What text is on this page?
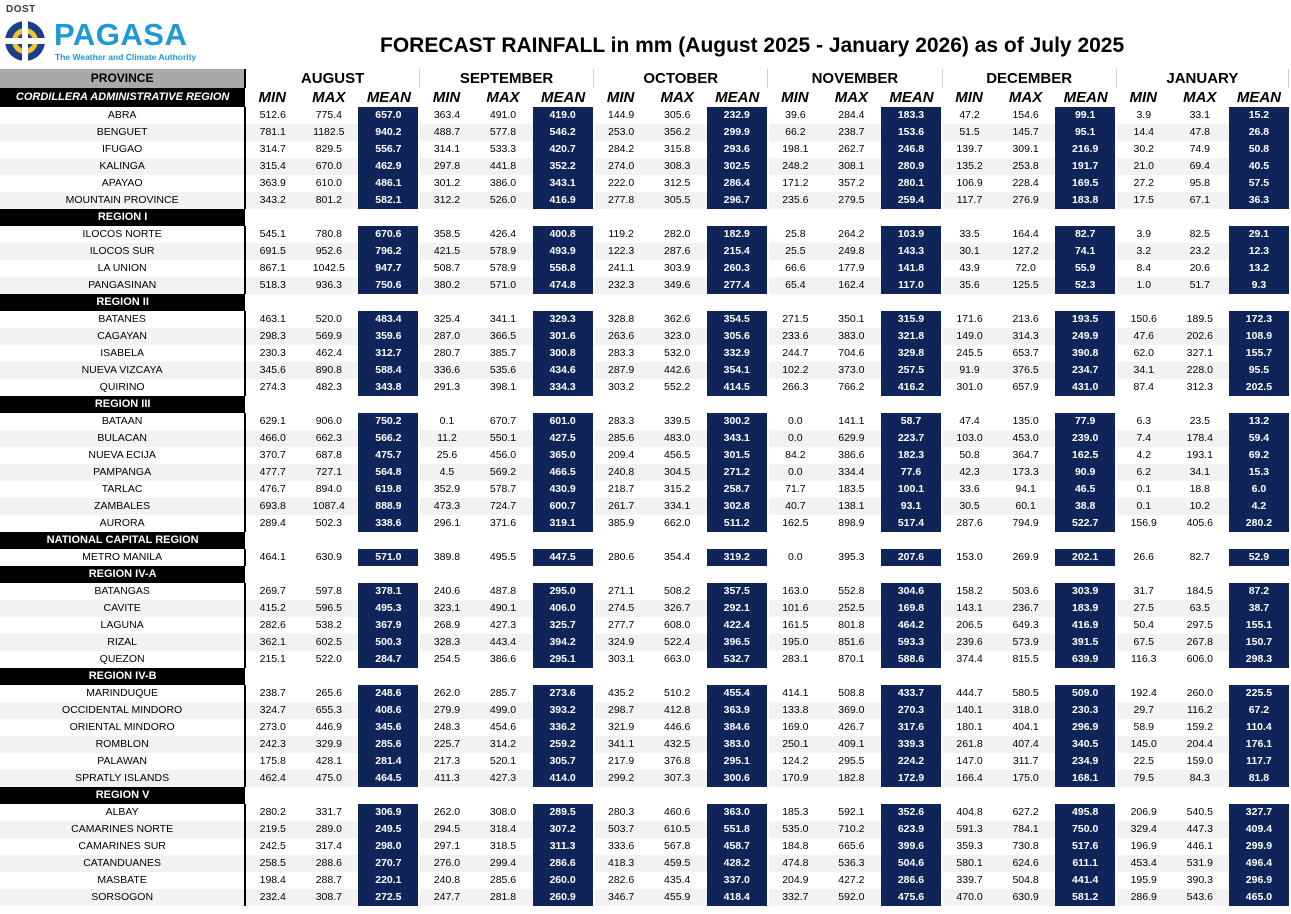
DOST
PAGASA
The Weather and Climate Authority	FORECAST RAINFALL in mm (August 2025 - January 2026) as of July 2025
PROVINCE	AUGUST			SEPTEMBER			OCTOBER			NOVEMBER			DECEMBER			JANUARY		
CORDILLERA ADMINISTRATIVE REGION	MIN	MAX	MEAN	MIN	MAX	MEAN	MIN	MAX	MEAN	MIN	MAX	MEAN	MIN	MAX	MEAN	MIN	MAX	MEAN
ABRA	512.6	775.4	657.0	363.4	491.0	419.0	144.9	305.6	232.9	39.6	284.4	183.3	47.2	154.6	99.1	3.9	33.1	15.2
BENGUET	781.1	1182.5	940.2	488.7	577.8	546.2	253.0	356.2	299.9	66.2	238.7	153.6	51.5	145.7	95.1	14.4	47.8	26.8
IFUGAO	314.7	829.5	556.7	314.1	533.3	420.7	284.2	315.8	293.6	198.1	262.7	246.8	139.7	309.1	216.9	30.2	74.9	50.8
KALINGA	315.4	670.0	462.9	297.8	441.8	352.2	274.0	308.3	302.5	248.2	308.1	280.9	135.2	253.8	191.7	21.0	69.4	40.5
APAYAO	363.9	610.0	486.1	301.2	386.0	343.1	222.0	312.5	286.4	171.2	357.2	280.1	106.9	228.4	169.5	27.2	95.8	57.5
MOUNTAIN PROVINCE	343.2	801.2	582.1	312.2	526.0	416.9	277.8	305.5	296.7	235.6	279.5	259.4	117.7	276.9	183.8	17.5	67.1	36.3
REGION I																		
ILOCOS NORTE	545.1	780.8	670.6	358.5	426.4	400.8	119.2	282.0	182.9	25.8	264.2	103.9	33.5	164.4	82.7	3.9	82.5	29.1
ILOCOS SUR	691.5	952.6	796.2	421.5	578.9	493.9	122.3	287.6	215.4	25.5	249.8	143.3	30.1	127.2	74.1	3.2	23.2	12.3
LA UNION	867.1	1042.5	947.7	508.7	578.9	558.8	241.1	303.9	260.3	66.6	177.9	141.8	43.9	72.0	55.9	8.4	20.6	13.2
PANGASINAN	518.3	936.3	750.6	380.2	571.0	474.8	232.3	349.6	277.4	65.4	162.4	117.0	35.6	125.5	52.3	1.0	51.7	9.3
REGION II																		
BATANES	463.1	520.0	483.4	325.4	341.1	329.3	328.8	362.6	354.5	271.5	350.1	315.9	171.6	213.6	193.5	150.6	189.5	172.3
CAGAYAN	298.3	569.9	359.6	287.0	366.5	301.6	263.6	323.0	305.6	233.6	383.0	321.8	149.0	314.3	249.9	47.6	202.6	108.9
ISABELA	230.3	462.4	312.7	280.7	385.7	300.8	283.3	532.0	332.9	244.7	704.6	329.8	245.5	653.7	390.8	62.0	327.1	155.7
NUEVA VIZCAYA	345.6	890.8	588.4	336.6	535.6	434.6	287.9	442.6	354.1	102.2	373.0	257.5	91.9	376.5	234.7	34.1	228.0	95.5
QUIRINO	274.3	482.3	343.8	291.3	398.1	334.3	303.2	552.2	414.5	266.3	766.2	416.2	301.0	657.9	431.0	87.4	312.3	202.5
REGION III																		
BATAAN	629.1	906.0	750.2	0.1	670.7	601.0	283.3	339.5	300.2	0.0	141.1	58.7	47.4	135.0	77.9	6.3	23.5	13.2
BULACAN	466.0	662.3	566.2	11.2	550.1	427.5	285.6	483.0	343.1	0.0	629.9	223.7	103.0	453.0	239.0	7.4	178.4	59.4
NUEVA ECIJA	370.7	687.8	475.7	25.6	456.0	365.0	209.4	456.5	301.5	84.2	386.6	182.3	50.8	364.7	162.5	4.2	193.1	69.2
PAMPANGA	477.7	727.1	564.8	4.5	569.2	466.5	240.8	304.5	271.2	0.0	334.4	77.6	42.3	173.3	90.9	6.2	34.1	15.3
TARLAC	476.7	894.0	619.8	352.9	578.7	430.9	218.7	315.2	258.7	71.7	183.5	100.1	33.6	94.1	46.5	0.1	18.8	6.0
ZAMBALES	693.8	1087.4	888.9	473.3	724.7	600.7	261.7	334.1	302.8	40.7	138.1	93.1	30.5	60.1	38.8	0.1	10.2	4.2
AURORA	289.4	502.3	338.6	296.1	371.6	319.1	385.9	662.0	511.2	162.5	898.9	517.4	287.6	794.9	522.7	156.9	405.6	280.2
NATIONAL CAPITAL REGION																		
METRO MANILA	464.1	630.9	571.0	389.8	495.5	447.5	280.6	354.4	319.2	0.0	395.3	207.6	153.0	269.9	202.1	26.6	82.7	52.9
REGION IV-A																		
BATANGAS	269.7	597.8	378.1	240.6	487.8	295.0	271.1	508.2	357.5	163.0	552.8	304.6	158.2	503.6	303.9	31.7	184.5	87.2
CAVITE	415.2	596.5	495.3	323.1	490.1	406.0	274.5	326.7	292.1	101.6	252.5	169.8	143.1	236.7	183.9	27.5	63.5	38.7
LAGUNA	282.6	538.2	367.9	268.9	427.3	325.7	277.7	608.0	422.4	161.5	801.8	464.2	206.5	649.3	416.9	50.4	297.5	155.1
RIZAL	362.1	602.5	500.3	328.3	443.4	394.2	324.9	522.4	396.5	195.0	851.6	593.3	239.6	573.9	391.5	67.5	267.8	150.7
QUEZON	215.1	522.0	284.7	254.5	386.6	295.1	303.1	663.0	532.7	283.1	870.1	588.6	374.4	815.5	639.9	116.3	606.0	298.3
REGION IV-B																		
MARINDUQUE	238.7	265.6	248.6	262.0	285.7	273.6	435.2	510.2	455.4	414.1	508.8	433.7	444.7	580.5	509.0	192.4	260.0	225.5
OCCIDENTAL MINDORO	324.7	655.3	408.6	279.9	499.0	393.2	298.7	412.8	363.9	133.8	369.0	270.3	140.1	318.0	230.3	29.7	116.2	67.2
ORIENTAL MINDORO	273.0	446.9	345.6	248.3	454.6	336.2	321.9	446.6	384.6	169.0	426.7	317.6	180.1	404.1	296.9	58.9	159.2	110.4
ROMBLON	242.3	329.9	285.6	225.7	314.2	259.2	341.1	432.5	383.0	250.1	409.1	339.3	261.8	407.4	340.5	145.0	204.4	176.1
PALAWAN	175.8	428.1	281.4	217.3	520.1	305.7	217.9	376.8	295.1	124.2	295.5	224.2	147.0	311.7	234.9	22.5	159.0	117.7
SPRATLY ISLANDS	462.4	475.0	464.5	411.3	427.3	414.0	299.2	307.3	300.6	170.9	182.8	172.9	166.4	175.0	168.1	79.5	84.3	81.8
REGION V																		
ALBAY	280.2	331.7	306.9	262.0	308.0	289.5	280.3	460.6	363.0	185.3	592.1	352.6	404.8	627.2	495.8	206.9	540.5	327.7
CAMARINES NORTE	219.5	289.0	249.5	294.5	318.4	307.2	503.7	610.5	551.8	535.0	710.2	623.9	591.3	784.1	750.0	329.4	447.3	409.4
CAMARINES SUR	242.5	317.4	298.0	297.1	318.5	311.3	333.6	567.8	458.7	184.8	665.6	399.6	359.3	730.8	517.6	196.9	446.1	299.9
CATANDUANES	258.5	288.6	270.7	276.0	299.4	286.6	418.3	459.5	428.2	474.8	536.3	504.6	580.1	624.6	611.1	453.4	531.9	496.4
MASBATE	198.4	288.7	220.1	240.8	285.6	260.0	282.6	435.4	337.0	204.9	427.2	286.6	339.7	504.8	441.4	195.9	390.3	296.9
SORSOGON	232.4	308.7	272.5	247.7	281.8	260.9	346.7	455.9	418.4	332.7	592.0	475.6	470.0	630.9	581.2	286.9	543.6	465.0
